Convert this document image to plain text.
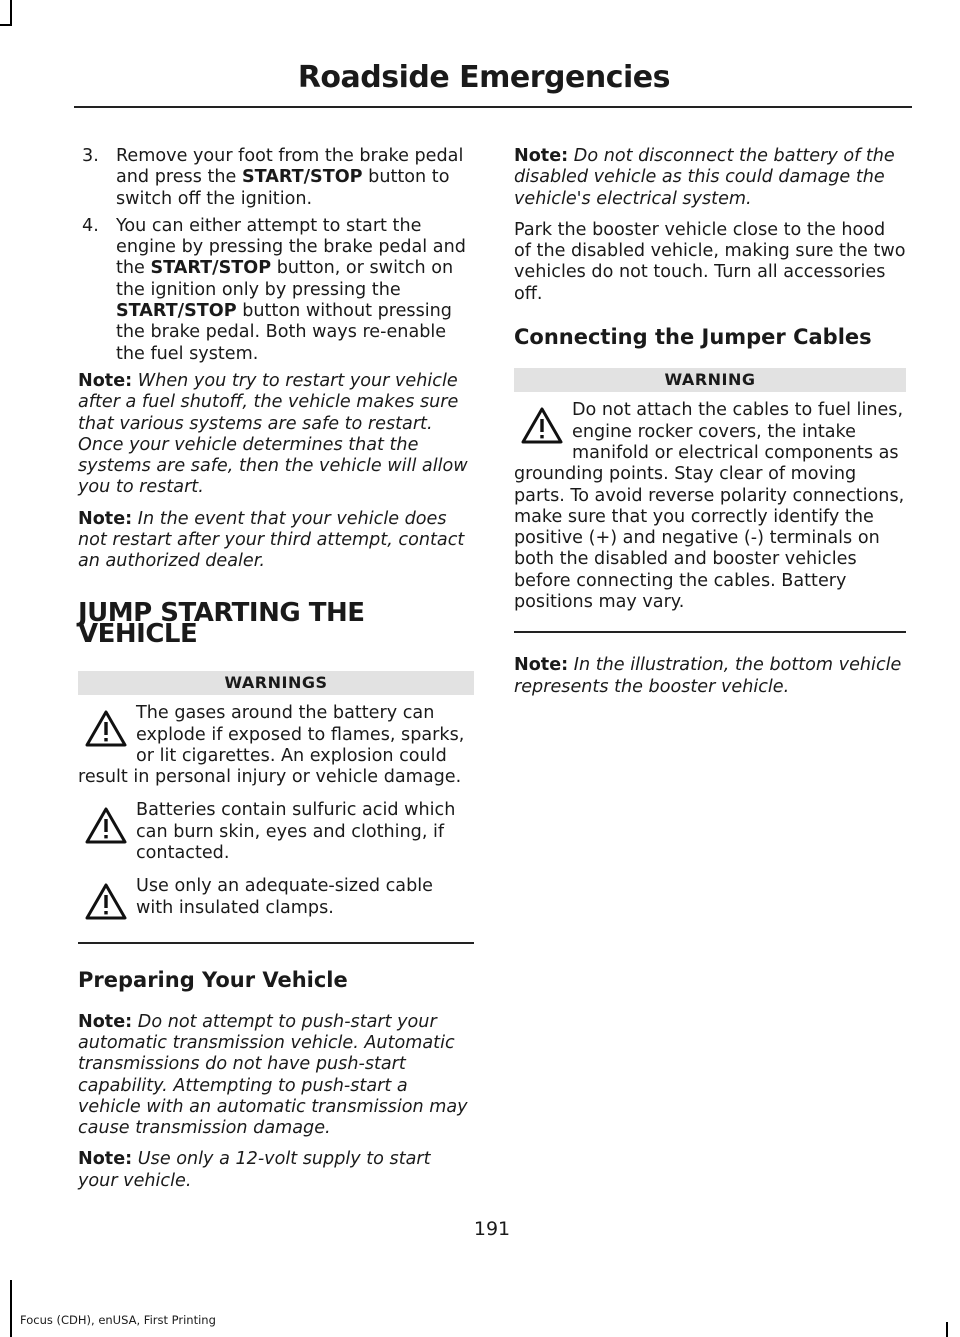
Roadside Emergencies
3. Remove your foot from the brake pedal and press the START/STOP button to switch off the ignition.
4. You can either attempt to start the engine by pressing the brake pedal and the START/STOP button, or switch on the ignition only by pressing the START/STOP button without pressing the brake pedal. Both ways re-enable the fuel system.

Note: When you try to restart your vehicle after a fuel shutoff, the vehicle makes sure that various systems are safe to restart. Once your vehicle determines that the systems are safe, then the vehicle will allow you to restart.

Note: In the event that your vehicle does not restart after your third attempt, contact an authorized dealer.

JUMP STARTING THE VEHICLE
WARNINGS
The gases around the battery can explode if exposed to flames, sparks, or lit cigarettes. An explosion could result in personal injury or vehicle damage.
Batteries contain sulfuric acid which can burn skin, eyes and clothing, if contacted.
Use only an adequate-sized cable with insulated clamps.
Preparing Your Vehicle

Note: Do not attempt to push-start your automatic transmission vehicle. Automatic transmissions do not have push-start capability. Attempting to push-start a vehicle with an automatic transmission may cause transmission damage.

Note: Use only a 12-volt supply to start your vehicle.

Note: Do not disconnect the battery of the disabled vehicle as this could damage the vehicle's electrical system.

Park the booster vehicle close to the hood of the disabled vehicle, making sure the two vehicles do not touch. Turn all accessories off.

Connecting the Jumper Cables
WARNING
Do not attach the cables to fuel lines, engine rocker covers, the intake manifold or electrical components as grounding points. Stay clear of moving parts. To avoid reverse polarity connections, make sure that you correctly identify the positive (+) and negative (-) terminals on both the disabled and booster vehicles before connecting the cables. Battery positions may vary.

Note: In the illustration, the bottom vehicle represents the booster vehicle.

191
Focus (CDH), enUSA, First Printing
